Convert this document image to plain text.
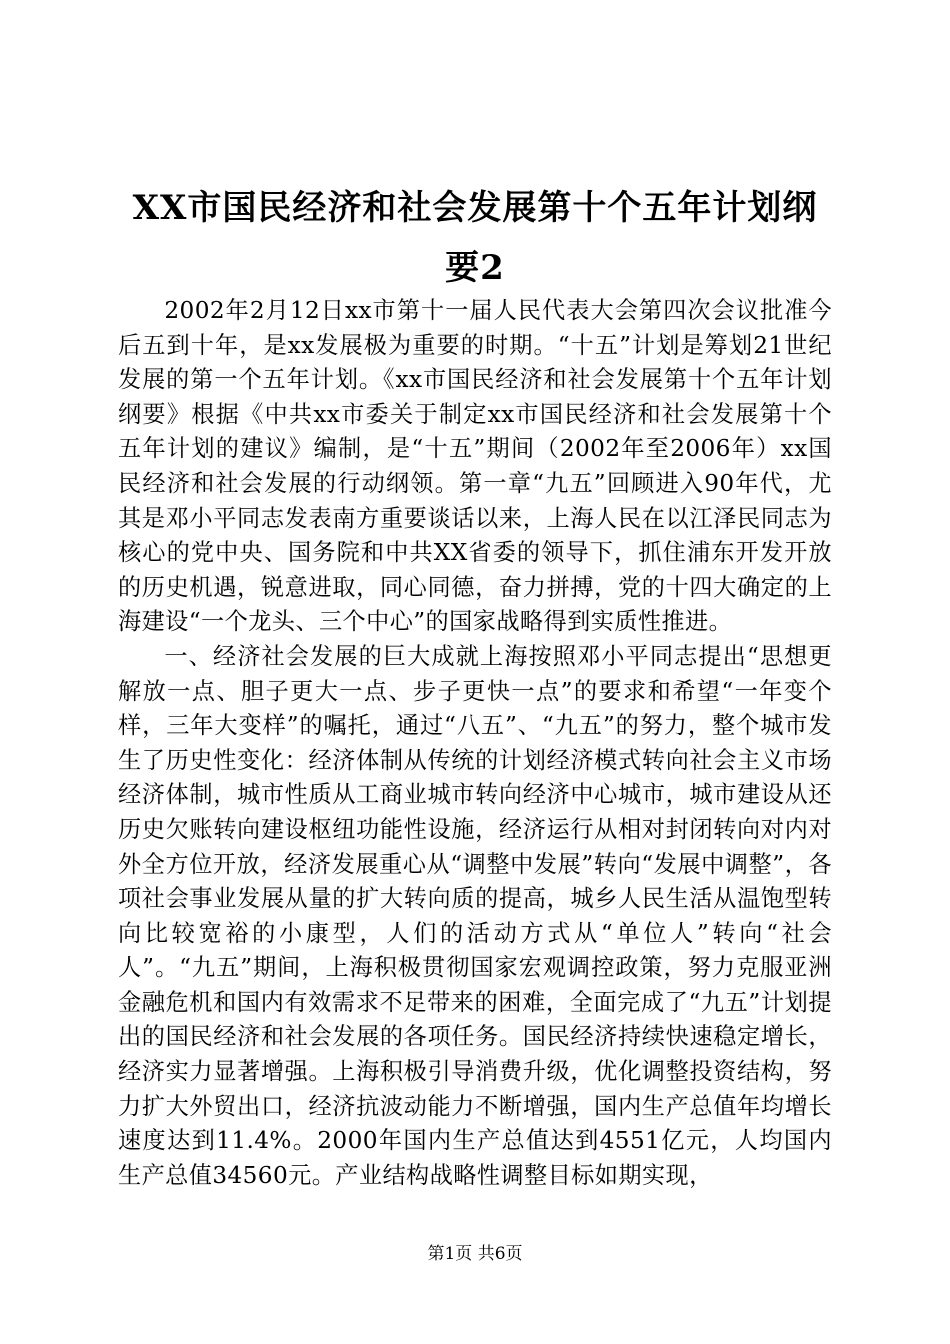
XX市国民经济和社会发展第十个五年计划纲要2

2002年2月12日xx市第十一届人民代表大会第四次会议批准今后五到十年，是xx发展极为重要的时期。“十五”计划是筹划21世纪发展的第一个五年计划。《xx市国民经济和社会发展第十个五年计划纲要》根据《中共xx市委关于制定xx市国民经济和社会发展第十个五年计划的建议》编制，是“十五”期间（2002年至2006年）xx国民经济和社会发展的行动纲领。第一章“九五”回顾进入90年代，尤其是邓小平同志发表南方重要谈话以来，上海人民在以江泽民同志为核心的党中央、国务院和中共XX省委的领导下，抓住浦东开发开放的历史机遇，锐意进取，同心同德，奋力拼搏，党的十四大确定的上海建设“一个龙头、三个中心”的国家战略得到实质性推进。

一、经济社会发展的巨大成就上海按照邓小平同志提出“思想更解放一点、胆子更大一点、步子更快一点”的要求和希望“一年变个样，三年大变样”的嘱托，通过“八五”、“九五”的努力，整个城市发生了历史性变化：经济体制从传统的计划经济模式转向社会主义市场经济体制，城市性质从工商业城市转向经济中心城市，城市建设从还历史欠账转向建设枢纽功能性设施，经济运行从相对封闭转向对内对外全方位开放，经济发展重心从“调整中发展”转向“发展中调整”，各项社会事业发展从量的扩大转向质的提高，城乡人民生活从温饱型转向比较宽裕的小康型，人们的活动方式从“单位人”转向“社会人”。“九五”期间，上海积极贯彻国家宏观调控政策，努力克服亚洲金融危机和国内有效需求不足带来的困难，全面完成了“九五”计划提出的国民经济和社会发展的各项任务。国民经济持续快速稳定增长，经济实力显著增强。上海积极引导消费升级，优化调整投资结构，努力扩大外贸出口，经济抗波动能力不断增强，国内生产总值年均增长速度达到11.4%。2000年国内生产总值达到4551亿元，人均国内生产总值34560元。产业结构战略性调整目标如期实现，

第1页 共6页
